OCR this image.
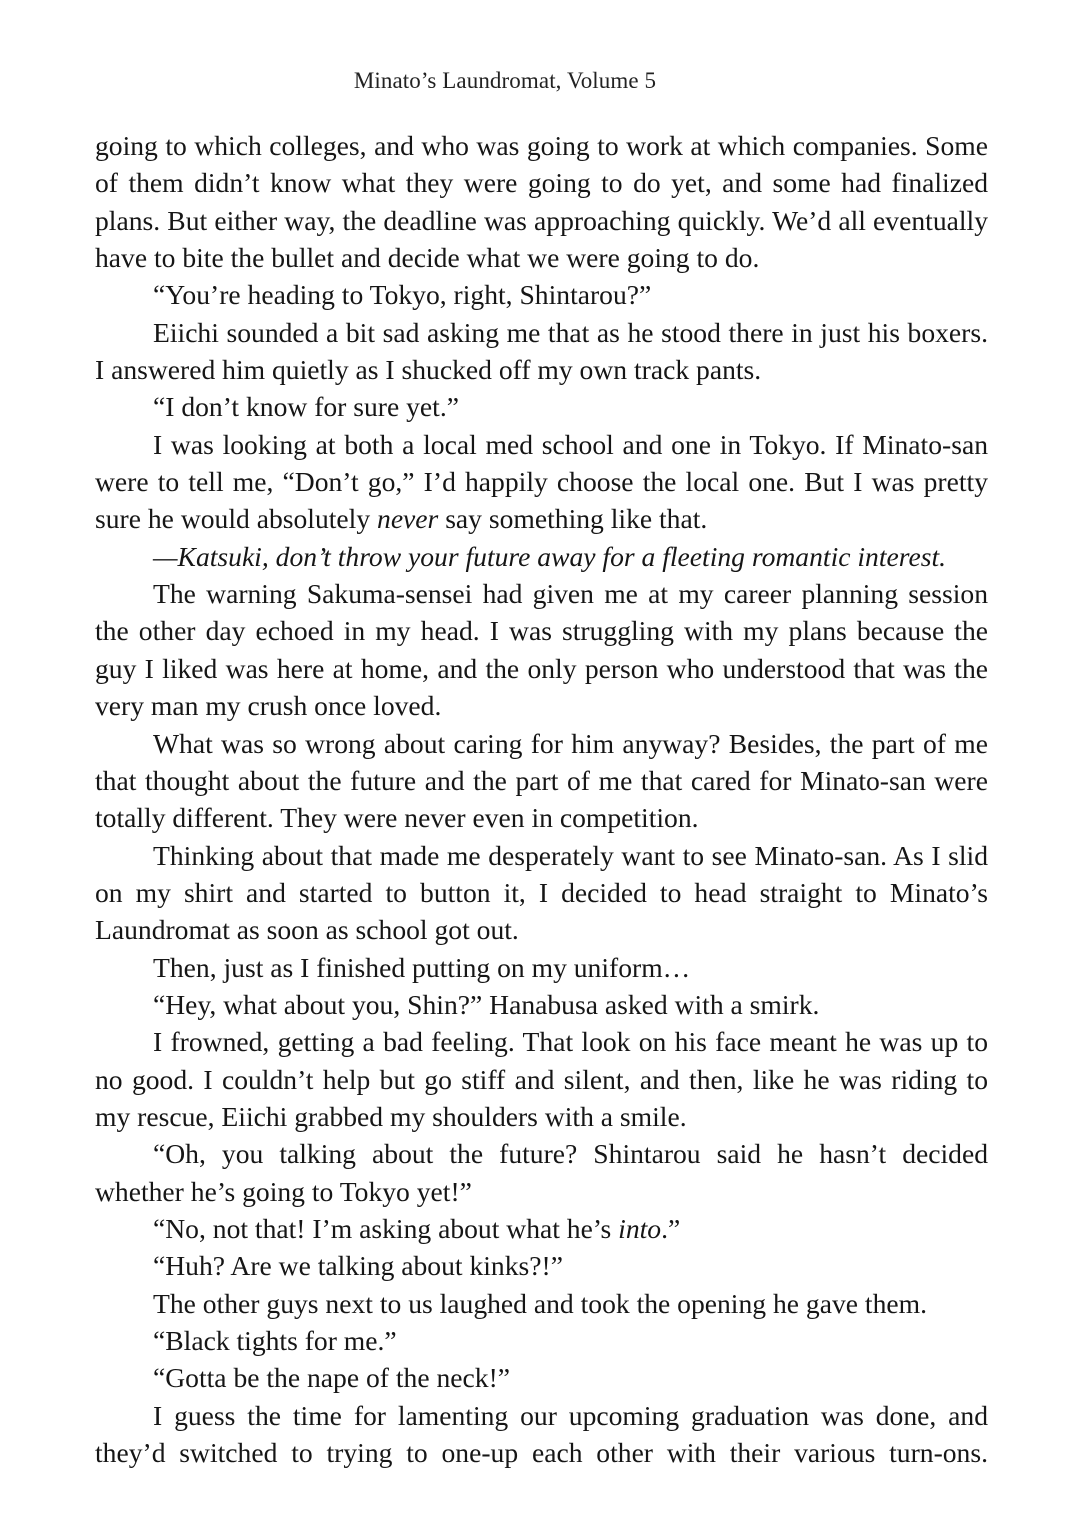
Minato’s Laundromat, Volume 5

going to which colleges, and who was going to work at which companies. Some of them didn’t know what they were going to do yet, and some had finalized plans. But either way, the deadline was approaching quickly. We’d all eventually have to bite the bullet and decide what we were going to do.

“You’re heading to Tokyo, right, Shintarou?”

Eiichi sounded a bit sad asking me that as he stood there in just his boxers. I answered him quietly as I shucked off my own track pants.

“I don’t know for sure yet.”

I was looking at both a local med school and one in Tokyo. If Minato-san were to tell me, “Don’t go,” I’d happily choose the local one. But I was pretty sure he would absolutely never say something like that.

—Katsuki, don’t throw your future away for a fleeting romantic interest.

The warning Sakuma-sensei had given me at my career planning session the other day echoed in my head. I was struggling with my plans because the guy I liked was here at home, and the only person who understood that was the very man my crush once loved.

What was so wrong about caring for him anyway? Besides, the part of me that thought about the future and the part of me that cared for Minato-san were totally different. They were never even in competition.

Thinking about that made me desperately want to see Minato-san. As I slid on my shirt and started to button it, I decided to head straight to Minato’s Laundromat as soon as school got out.

Then, just as I finished putting on my uniform…

“Hey, what about you, Shin?” Hanabusa asked with a smirk.

I frowned, getting a bad feeling. That look on his face meant he was up to no good. I couldn’t help but go stiff and silent, and then, like he was riding to my rescue, Eiichi grabbed my shoulders with a smile.

“Oh, you talking about the future? Shintarou said he hasn’t decided whether he’s going to Tokyo yet!”

“No, not that! I’m asking about what he’s into.”

“Huh? Are we talking about kinks?!”

The other guys next to us laughed and took the opening he gave them.

“Black tights for me.”

“Gotta be the nape of the neck!”

I guess the time for lamenting our upcoming graduation was done, and they’d switched to trying to one-up each other with their various turn-ons.
